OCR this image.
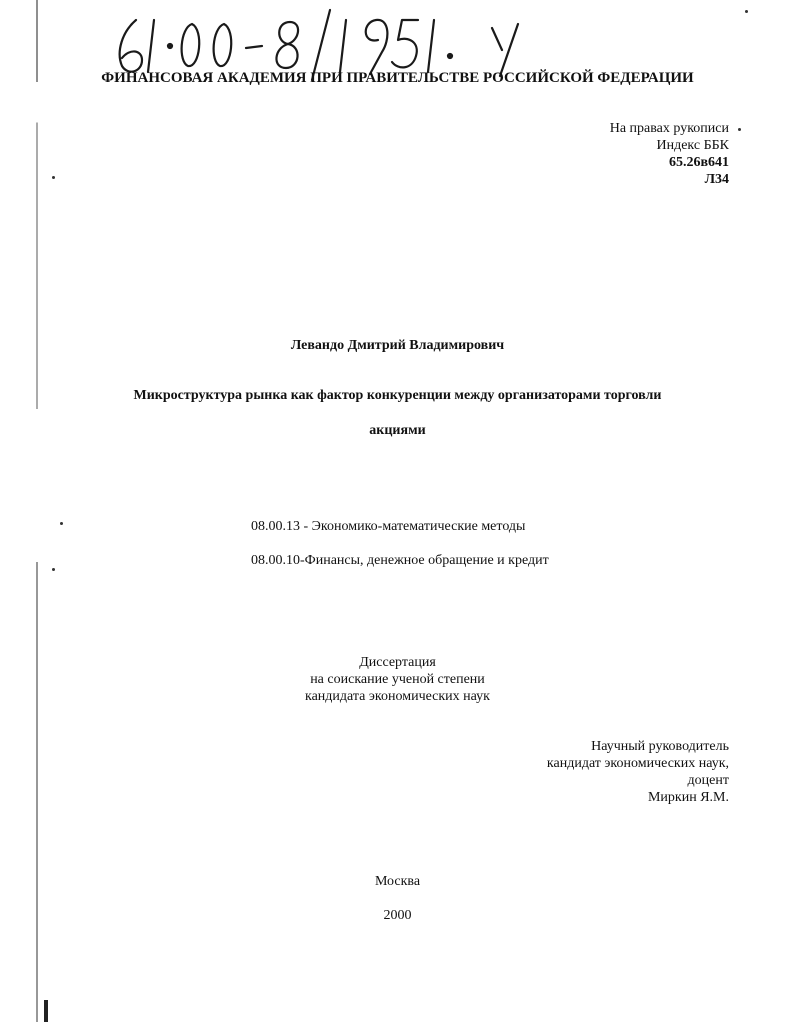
ФИНАНСОВАЯ АКАДЕМИЯ ПРИ ПРАВИТЕЛЬСТВЕ РОССИЙСКОЙ ФЕДЕРАЦИИ
На правах рукописи
Индекс ББК
65.26в641
Л34
Левандо Дмитрий Владимирович
Микроструктура рынка как фактор конкуренции между организаторами торговли
акциями
08.00.13 - Экономико-математические методы
08.00.10-Финансы, денежное обращение и кредит
Диссертация
на соискание ученой степени
кандидата экономических наук
Научный руководитель
кандидат экономических наук,
доцент
Миркин Я.М.
Москва
2000
